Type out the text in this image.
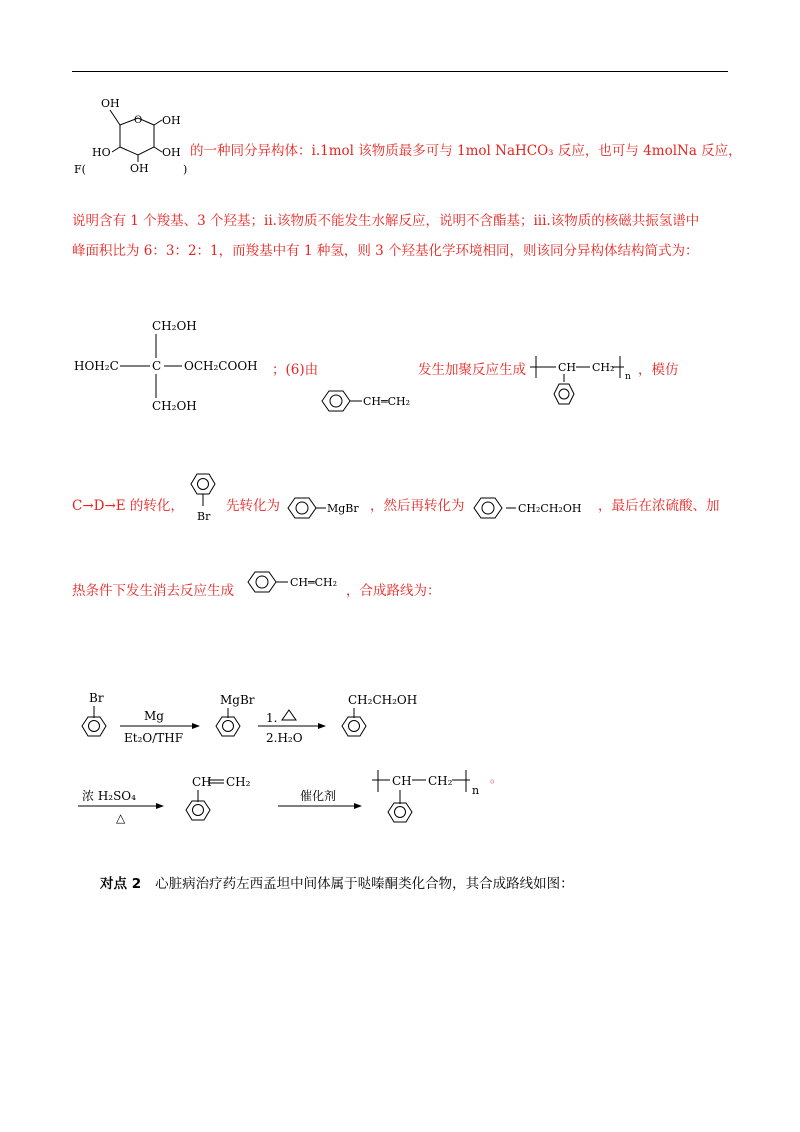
OH
O OH
OH
HO
OH
F(	)
的一种同分异构体：i.1mol 该物质最多可与 1mol NaHCO₃ 反应，也可与 4molNa 反应，
说明含有 1 个羧基、3 个羟基；ii.该物质不能发生水解反应，说明不含酯基；iii.该物质的核磁共振氢谱中
峰面积比为 6：3：2：1，而羧基中有 1 种氢，则 3 个羟基化学环境相同，则该同分异构体结构简式为：
CH₂OH
HOH₂C	C OCH₂COOH
CH₂OH
；(6)由
CH═CH₂
发生加聚反应生成	CH CH₂
n ，模仿
C→D→E 的转化，
Br
先转化为	MgBr ，然后再转化为	CH₂CH₂OH ，最后在浓硫酸、加
热条件下发生消去反应生成
CH═CH₂
，合成路线为：
Br
Mg
Et₂O/THF
MgBr
1.
2.H₂O
CH₂CH₂OH
浓 H₂SO₄
△
CH CH₂
催化剂
CH CH₂
n
。
对点 2 心脏病治疗药左西孟坦中间体属于哒嗪酮类化合物，其合成路线如图：
